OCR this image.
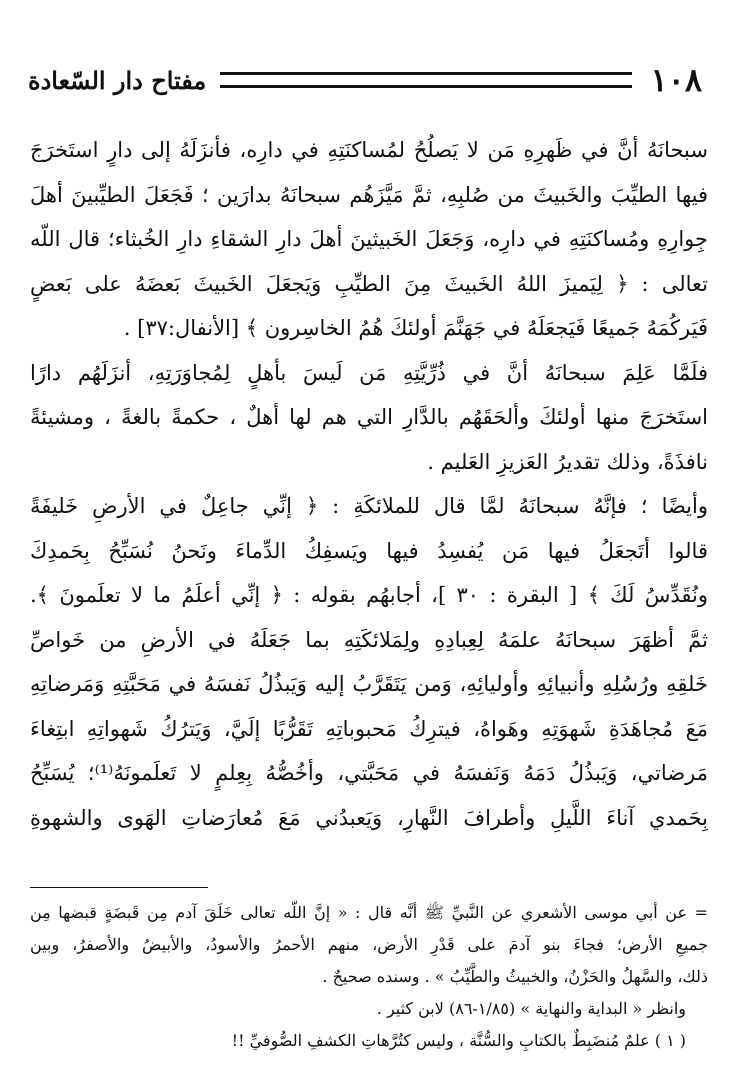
١٠٨
مفتاح دار السّعادة
سبحانَهُ أنَّ في ظَهرِهِ مَن لا يَصلُحُ لمُساكنَتِهِ في دارِه، فأنزَلَهُ إلى دارٍ استَخرَجَ
فيها الطيِّبَ والخَبيثَ من صُلبِهِ، ثمَّ مَيَّزَهُم سبحانَهُ بدارَين ؛ فَجَعَلَ الطيِّبينَ أهلَ
جِوارِهِ ومُساكنَتِهِ في دارِه، وَجَعَلَ الخَبيثينَ أهلَ دارِ الشقاءِ دارِ الخُبثاء؛ قال اللّه
تعالى : ﴿ لِيَميزَ اللهُ الخَبيثَ مِنَ الطيِّبِ وَيَجعَلَ الخَبيثَ بَعضَهُ على بَعضٍ
فَيَركُمَهُ جَميعًا فَيَجعَلَهُ في جَهَنَّمَ أولئكَ هُمُ الخاسِرون ﴾ [الأنفال:٣٧] .
فلَمَّا عَلِمَ سبحانَهُ أنَّ في ذُرِّيَّتِهِ مَن لَيسَ بأهلٍ لِمُجاوَرَتِهِ، أنزَلَهُم دارًا
استَخرَجَ منها أولئكَ وألحَقَهُم بالدَّارِ التي هم لها أهلٌ ، حكمةً بالغةً ، ومشيئةً
نافذَةً، وذلك تقديرُ العَزيزِ العَليم .
وأيضًا ؛ فإنَّهُ سبحانَهُ لمَّا قال للملائكَةِ : ﴿ إنِّي جاعِلٌ في الأرضِ خَليفَةً
قالوا أتَجعَلُ فيها مَن يُفسِدُ فيها ويَسفِكُ الدِّماءَ ونَحنُ نُسَبِّحُ بِحَمدِكَ
ونُقَدِّسُ لَكَ ﴾ [ البقرة : ٣٠ ]، أجابهُم بقوله : ﴿ إنِّي أعلَمُ ما لا تعلَمونَ ﴾.
ثمَّ أظهَرَ سبحانَهُ علمَهُ لِعِبادِهِ ولِمَلائكَتِهِ بما جَعَلَهُ في الأرضِ من خَواصِّ
خَلقِهِ ورُسُلِهِ وأنبيائِهِ وأوليائِهِ، وَمن يَتَقَرَّبُ إليه وَيَبذُلُ نَفسَهُ في مَحَبَّتِهِ وَمَرضاتِهِ
مَعَ مُجاهَدَةِ شَهوَتِهِ وهَواهُ، فيترِكُ مَحبوباتِهِ تَقَرُّبًا إلَيَّ، وَيَترُكُ شَهواتِهِ ابتِغاءَ
مَرضاتي، وَيَبذُلُ دَمَهُ وَنَفسَهُ في مَحَبَّتي، وأخُصُّهُ بِعِلمٍ لا تَعلَمونَهُ⁽¹⁾؛ يُسَبِّحُ
بِحَمدي آناءَ اللَّيلِ وأطرافَ النَّهارِ، وَيَعبدُني مَعَ مُعارَضاتِ الهَوى والشهوةِ
= عن أبي موسى الأشعري عن النَّبيِّ ﷺ أنَّه قال : « إنَّ اللّه تعالى خَلَقَ آدم مِن قَبضَةٍ قبضها مِن
جميعِ الأرض؛ فجاءَ بنو آدمَ على قَدْرِ الأرض، منهم الأحمرُ والأسودُ، والأبيضُ والأصفرُ، وبين
ذلك، والسَّهلُ والحَزْنُ، والخبيثُ والطَّيِّبُ » . وسنده صحيحٌ .
وانظر « البداية والنهاية » (١/٨٥-٨٦) لابن كثير .
( ١ ) علمٌ مُنضَبِطٌ بالكتابِ والسُّنَّة ، وليس كتُرَّهاتِ الكشفِ الصُّوفيِّ !!
